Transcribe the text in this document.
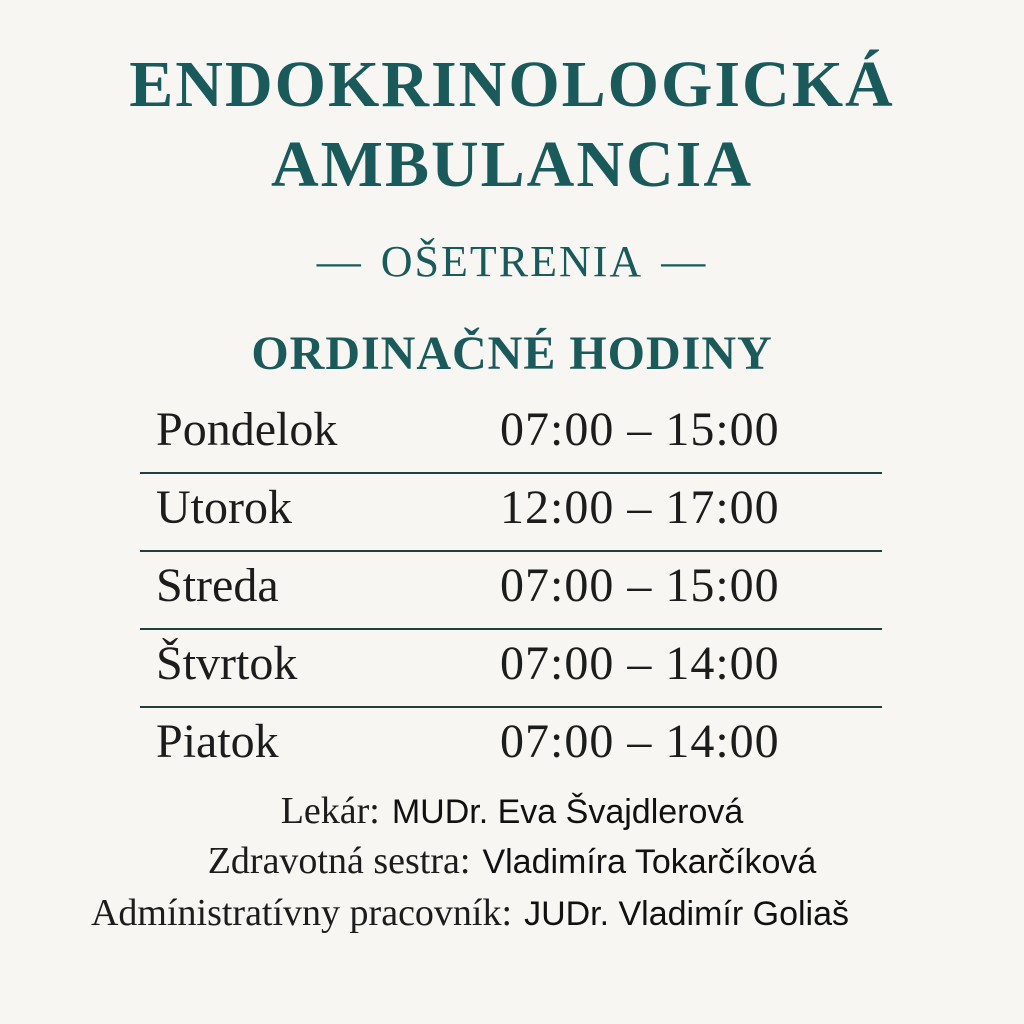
ENDOKRINOLOGICKÁ
AMBULANCIA
— OŠETRENIA —
ORDINAČNÉ HODINY
Pondelok	07:00 – 15:00
Utorok	12:00 – 17:00
Streda	07:00 – 15:00
Štvrtok	07:00 – 14:00
Piatok	07:00 – 14:00
Lekár: MUDr. Eva Švajdlerová
Zdravotná sestra: Vladimíra Tokarčíková
Admínistratívny pracovník: JUDr. Vladimír Goliaš
